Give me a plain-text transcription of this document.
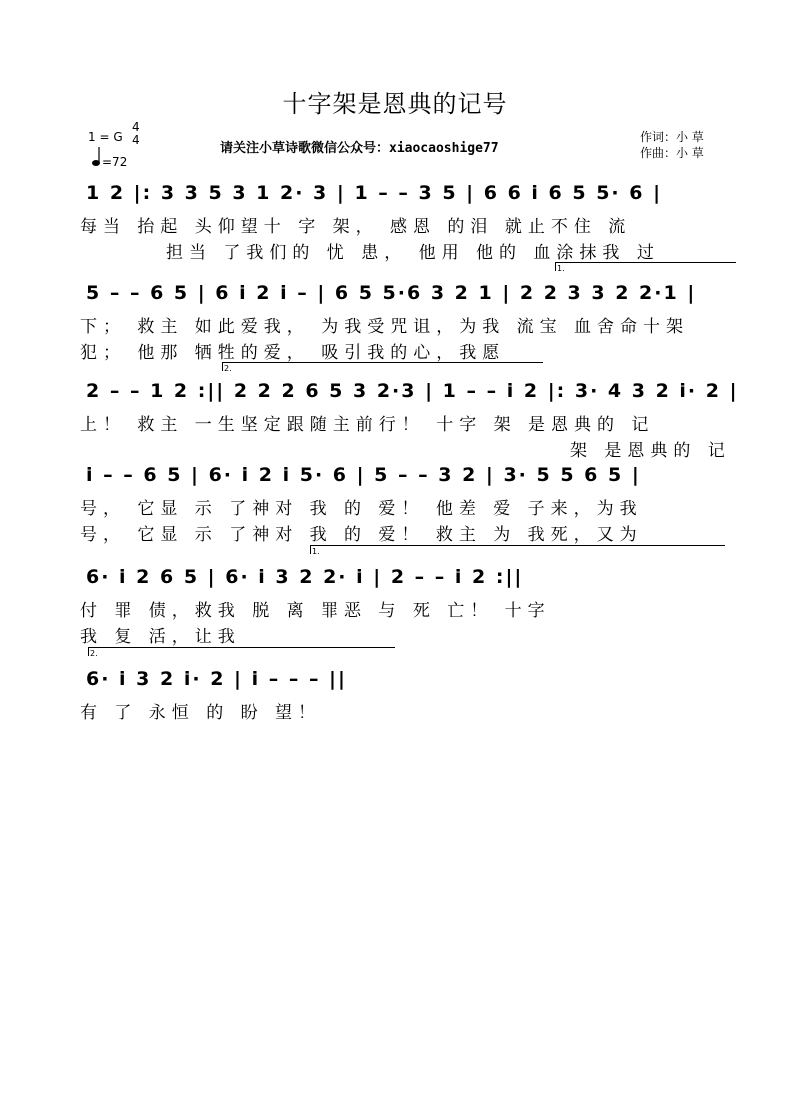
十字架是恩典的记号
1 = G
4
4
=72
请关注小草诗歌微信公众号：xiaocaoshige77
作词：小 草
作曲：小 草
1 2 |: 3 3 5 3 1 2· 3 | 1 – – 3 5 | 6 6 i 6 5 5· 6 |
每当 抬起 头仰望十 字 架， 感恩 的泪 就止不住 流
担当 了我们的 忧 患， 他用 他的 血涂抹我 过
1.
5 – – 6 5 | 6 i 2 i – | 6 5 5·6 3 2 1 | 2 2 3 3 2 2·1 |
下； 救主 如此爱我， 为我受咒诅，为我 流宝 血舍命十架
犯； 他那 牺牲的爱， 吸引我的心，我愿
2.
2 – – 1 2 :|| 2 2 2 6 5 3 2·3 | 1 – – i 2 |: 3· 4 3 2 i· 2 |
上！ 救主 一生坚定跟随主前行！ 十字 架 是恩典的 记
架 是恩典的 记
i – – 6 5 | 6· i 2 i 5· 6 | 5 – – 3 2 | 3· 5 5 6 5 |
号， 它显 示 了神对 我 的 爱！ 他差 爱 子来，为我
号， 它显 示 了神对 我 的 爱！ 救主 为 我死，又为
1.
6· i 2 6 5 | 6· i 3 2 2· i | 2 – – i 2 :||
付 罪 债，救我 脱 离 罪恶 与 死 亡！ 十字
我 复 活，让我
2.
6· i 3 2 i· 2 | i – – – ||
有 了 永恒 的 盼 望！
